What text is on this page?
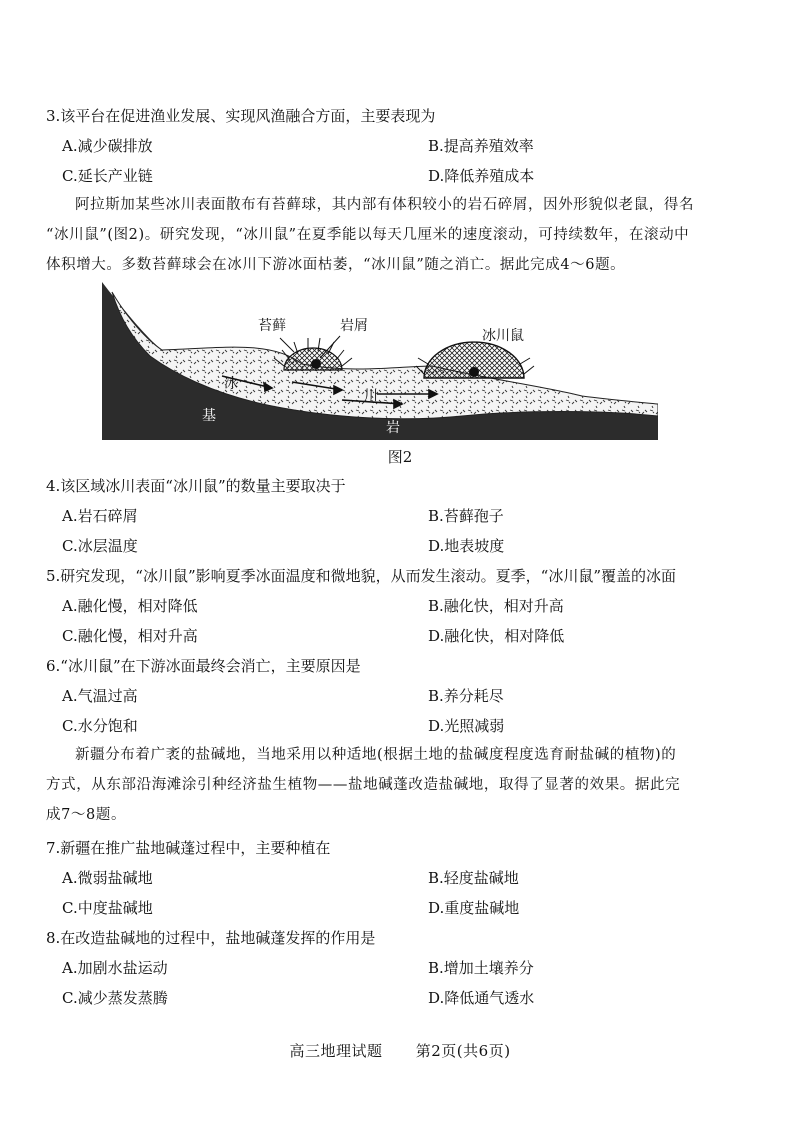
3.该平台在促进渔业发展、实现风渔融合方面，主要表现为
A.减少碳排放	B.提高养殖效率
C.延长产业链	D.降低养殖成本

阿拉斯加某些冰川表面散布有苔藓球，其内部有体积较小的岩石碎屑，因外形貌似老鼠，得名

“冰川鼠”(图2)。研究发现，“冰川鼠”在夏季能以每天几厘米的速度滚动，可持续数年，在滚动中
体积增大。多数苔藓球会在冰川下游冰面枯萎，“冰川鼠”随之消亡。据此完成4～6题。
苔藓	岩屑
冰川鼠
冰
川
基
岩
图2
4.该区域冰川表面“冰川鼠”的数量主要取决于
A.岩石碎屑	B.苔藓孢子
C.冰层温度	D.地表坡度
5.研究发现，“冰川鼠”影响夏季冰面温度和微地貌，从而发生滚动。夏季，“冰川鼠”覆盖的冰面
A.融化慢，相对降低	B.融化快，相对升高
C.融化慢，相对升高	D.融化快，相对降低
6.“冰川鼠”在下游冰面最终会消亡，主要原因是
A.气温过高	B.养分耗尽
C.水分饱和	D.光照减弱

新疆分布着广袤的盐碱地，当地采用以种适地(根据土地的盐碱度程度选育耐盐碱的植物)的

方式，从东部沿海滩涂引种经济盐生植物——盐地碱蓬改造盐碱地，取得了显著的效果。据此完
成7～8题。
7.新疆在推广盐地碱蓬过程中，主要种植在
A.微弱盐碱地	B.轻度盐碱地
C.中度盐碱地	D.重度盐碱地
8.在改造盐碱地的过程中，盐地碱蓬发挥的作用是
A.加剧水盐运动	B.增加土壤养分
C.减少蒸发蒸腾	D.降低通气透水
高三地理试题 第2页(共6页)
